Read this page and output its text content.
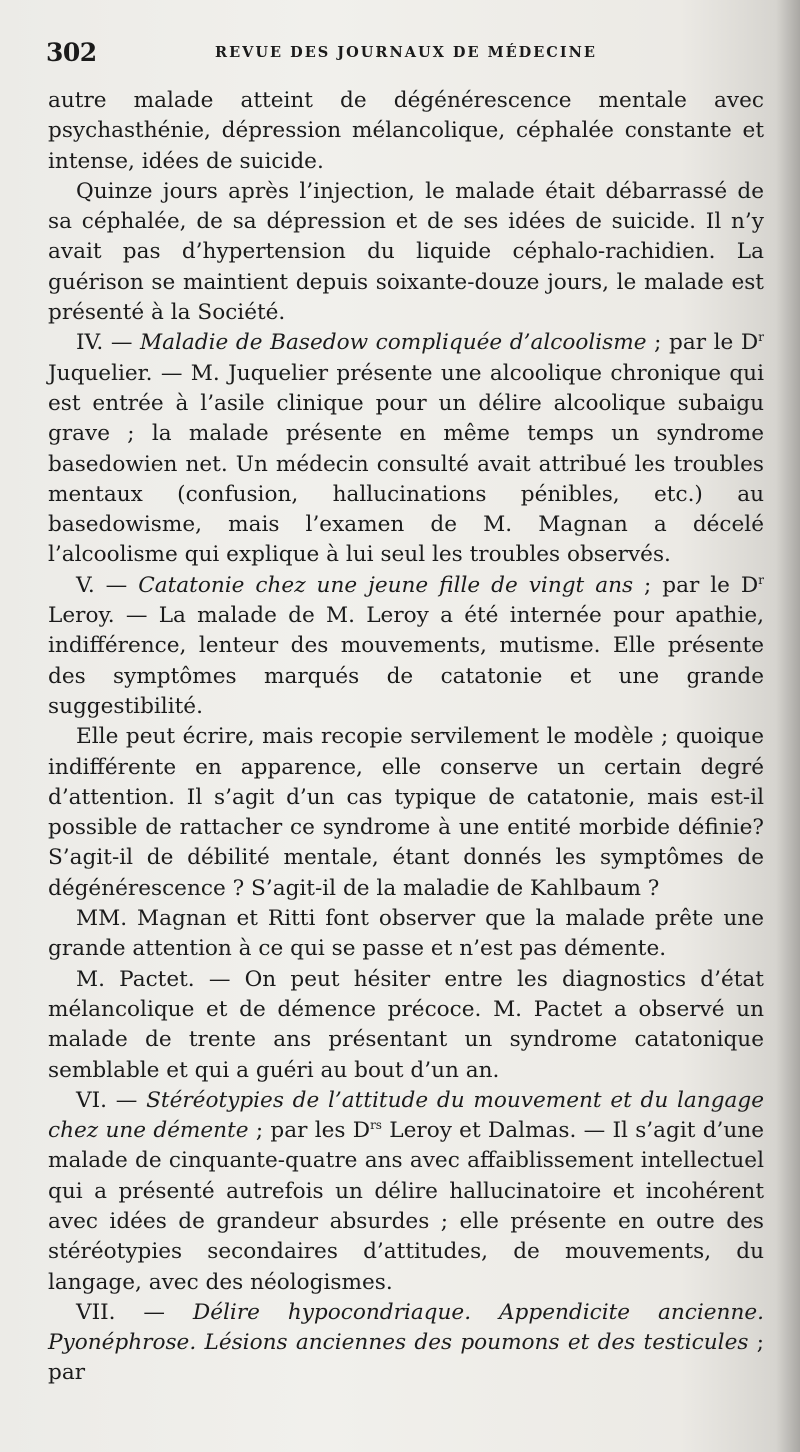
302	REVUE DES JOURNAUX DE MÉDECINE

autre malade atteint de dégénérescence mentale avec psychasthénie, dépression mélancolique, céphalée constante et intense, idées de suicide.

Quinze jours après l’injection, le malade était débarrassé de sa céphalée, de sa dépression et de ses idées de suicide. Il n’y avait pas d’hypertension du liquide céphalo-rachidien. La guérison se maintient depuis soixante-douze jours, le malade est présenté à la Société.

IV. — Maladie de Basedow compliquée d’alcoolisme ; par le $D^r$ Juquelier. — M. Juquelier présente une alcoolique chronique qui est entrée à l’asile clinique pour un délire alcoolique subaigu grave ; la malade présente en même temps un syndrome basedowien net. Un médecin consulté avait attribué les troubles mentaux (confusion, hallucinations pénibles, etc.) au basedowisme, mais l’examen de M. Magnan a décelé l’alcoolisme qui explique à lui seul les troubles observés.

V. — Catatonie chez une jeune fille de vingt ans ; par le $D^r$ Leroy. — La malade de M. Leroy a été internée pour apathie, indifférence, lenteur des mouvements, mutisme. Elle présente des symptômes marqués de catatonie et une grande suggestibilité.

Elle peut écrire, mais recopie servilement le modèle ; quoique indifférente en apparence, elle conserve un certain degré d’attention. Il s’agit d’un cas typique de catatonie, mais est-il possible de rattacher ce syndrome à une entité morbide définie? S’agit-il de débilité mentale, étant donnés les symptômes de dégénérescence ? S’agit-il de la maladie de Kahlbaum ?

MM. Magnan et Ritti font observer que la malade prête une grande attention à ce qui se passe et n’est pas démente.

M. Pactet. — On peut hésiter entre les diagnostics d’état mélancolique et de démence précoce. M. Pactet a observé un malade de trente ans présentant un syndrome catatonique semblable et qui a guéri au bout d’un an.

VI. — Stéréotypies de l’attitude du mouvement et du langage chez une démente ; par les $D^{rs}$ Leroy et Dalmas. — Il s’agit d’une malade de cinquante-quatre ans avec affaiblissement intellectuel qui a présenté autrefois un délire hallucinatoire et incohérent avec idées de grandeur absurdes ; elle présente en outre des stéréotypies secondaires d’attitudes, de mouvements, du langage, avec des néologismes.

VII. — Délire hypocondriaque. Appendicite ancienne. Pyonéphrose. Lésions anciennes des poumons et des testicules ; par
